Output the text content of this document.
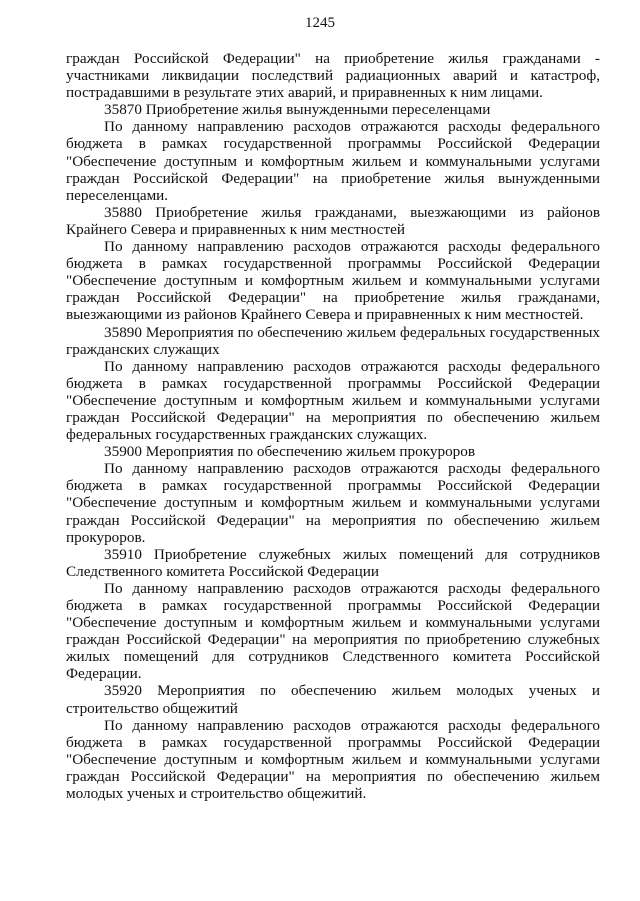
1245

граждан Российской Федерации" на приобретение жилья гражданами - участниками ликвидации последствий радиационных аварий и катастроф, пострадавшими в результате этих аварий, и приравненных к ним лицами.

35870 Приобретение жилья вынужденными переселенцами

По данному направлению расходов отражаются расходы федерального бюджета в рамках государственной программы Российской Федерации "Обеспечение доступным и комфортным жильем и коммунальными услугами граждан Российской Федерации" на приобретение жилья вынужденными переселенцами.

35880 Приобретение жилья гражданами, выезжающими из районов Крайнего Севера и приравненных к ним местностей

По данному направлению расходов отражаются расходы федерального бюджета в рамках государственной программы Российской Федерации "Обеспечение доступным и комфортным жильем и коммунальными услугами граждан Российской Федерации" на приобретение жилья гражданами, выезжающими из районов Крайнего Севера и приравненных к ним местностей.

35890 Мероприятия по обеспечению жильем федеральных государственных гражданских служащих

По данному направлению расходов отражаются расходы федерального бюджета в рамках государственной программы Российской Федерации "Обеспечение доступным и комфортным жильем и коммунальными услугами граждан Российской Федерации" на мероприятия по обеспечению жильем федеральных государственных гражданских служащих.

35900 Мероприятия по обеспечению жильем прокуроров

По данному направлению расходов отражаются расходы федерального бюджета в рамках государственной программы Российской Федерации "Обеспечение доступным и комфортным жильем и коммунальными услугами граждан Российской Федерации" на мероприятия по обеспечению жильем прокуроров.

35910 Приобретение служебных жилых помещений для сотрудников Следственного комитета Российской Федерации

По данному направлению расходов отражаются расходы федерального бюджета в рамках государственной программы Российской Федерации "Обеспечение доступным и комфортным жильем и коммунальными услугами граждан Российской Федерации" на мероприятия по приобретению служебных жилых помещений для сотрудников Следственного комитета Российской Федерации.

35920 Мероприятия по обеспечению жильем молодых ученых и строительство общежитий

По данному направлению расходов отражаются расходы федерального бюджета в рамках государственной программы Российской Федерации "Обеспечение доступным и комфортным жильем и коммунальными услугами граждан Российской Федерации" на мероприятия по обеспечению жильем молодых ученых и строительство общежитий.
